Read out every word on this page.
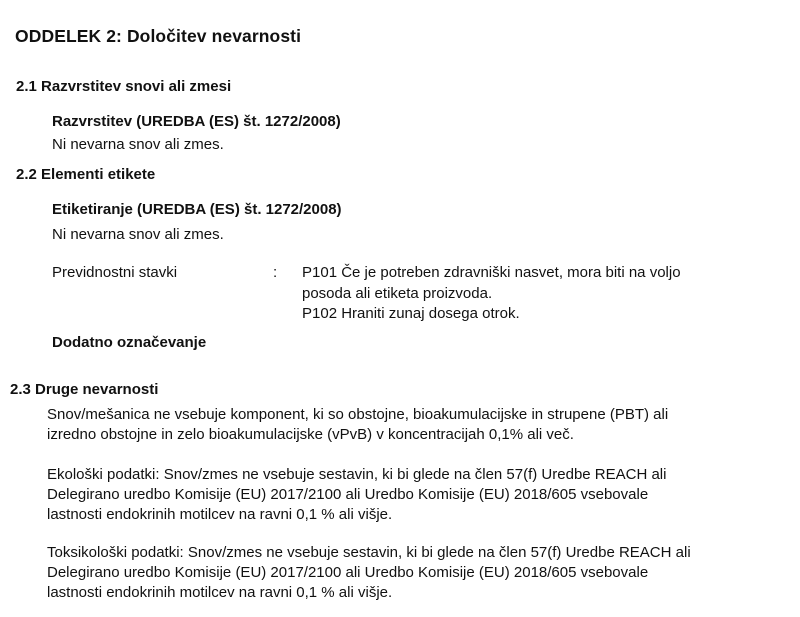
ODDELEK 2: Določitev nevarnosti
2.1 Razvrstitev snovi ali zmesi
Razvrstitev (UREDBA (ES) št. 1272/2008)
Ni nevarna snov ali zmes.
2.2 Elementi etikete
Etiketiranje (UREDBA (ES) št. 1272/2008)
Ni nevarna snov ali zmes.
Previdnostni stavki	: P101 Če je potreben zdravniški nasvet, mora biti na voljo
posoda ali etiketa proizvoda.
P102 Hraniti zunaj dosega otrok.
Dodatno označevanje
2.3 Druge nevarnosti
Snov/mešanica ne vsebuje komponent, ki so obstojne, bioakumulacijske in strupene (PBT) ali
izredno obstojne in zelo bioakumulacijske (vPvB) v koncentracijah 0,1% ali več.
Ekološki podatki: Snov/zmes ne vsebuje sestavin, ki bi glede na člen 57(f) Uredbe REACH ali
Delegirano uredbo Komisije (EU) 2017/2100 ali Uredbo Komisije (EU) 2018/605 vsebovale
lastnosti endokrinih motilcev na ravni 0,1 % ali višje.
Toksikološki podatki: Snov/zmes ne vsebuje sestavin, ki bi glede na člen 57(f) Uredbe REACH ali
Delegirano uredbo Komisije (EU) 2017/2100 ali Uredbo Komisije (EU) 2018/605 vsebovale
lastnosti endokrinih motilcev na ravni 0,1 % ali višje.
